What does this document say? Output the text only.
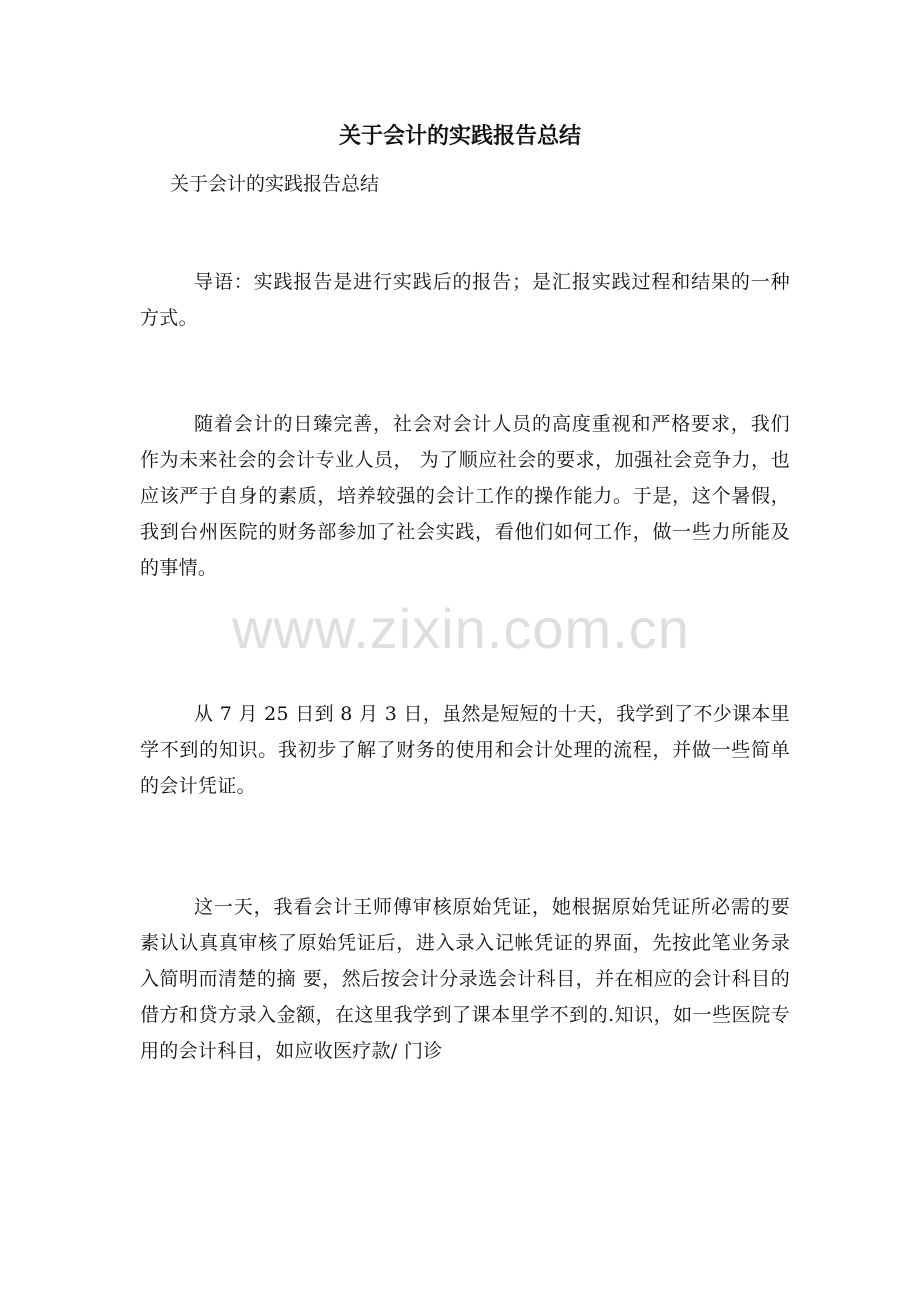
关于会计的实践报告总结

关于会计的实践报告总结

导语：实践报告是进行实践后的报告；是汇报实践过程和结果的一种方式。

随着会计的日臻完善，社会对会计人员的高度重视和严格要求，我们作为未来社会的会计专业人员， 为了顺应社会的要求，加强社会竞争力，也应该严于自身的素质，培养较强的会计工作的操作能力。于是，这个暑假，我到台州医院的财务部参加了社会实践，看他们如何工作，做一些力所能及的事情。

从 7 月 25 日到 8 月 3 日，虽然是短短的十天，我学到了不少课本里学不到的知识。我初步了解了财务的使用和会计处理的流程，并做一些简单的会计凭证。

这一天，我看会计王师傅审核原始凭证，她根据原始凭证所必需的要素认认真真审核了原始凭证后，进入录入记帐凭证的界面，先按此笔业务录入简明而清楚的摘 要，然后按会计分录选会计科目，并在相应的会计科目的借方和贷方录入金额，在这里我学到了课本里学不到的.知识，如一些医院专用的会计科目，如应收医疗款/ 门诊

www.zixin.com.cn
